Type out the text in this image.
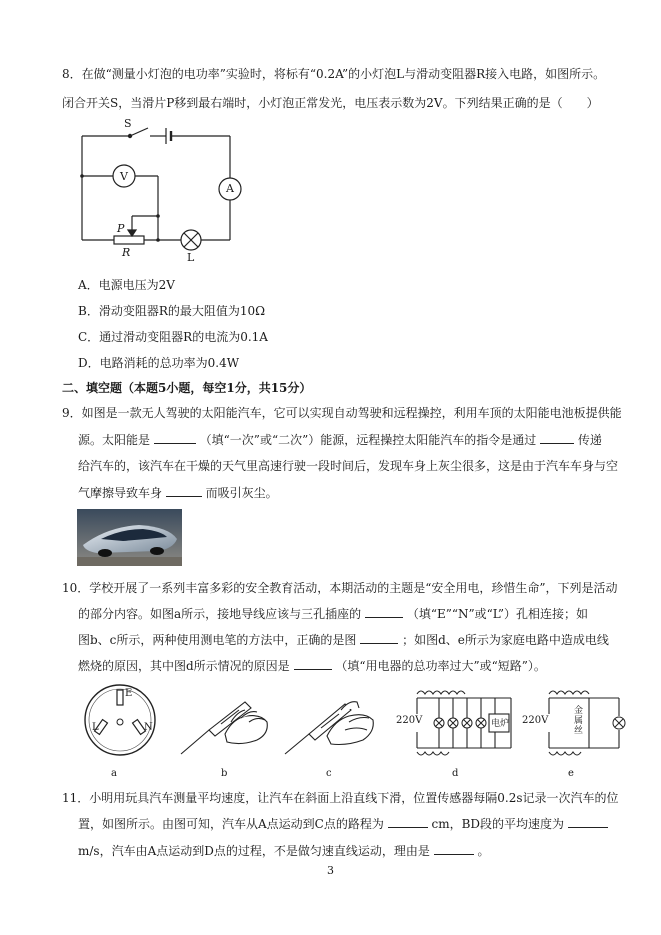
8．在做“测量小灯泡的电功率”实验时，将标有“0.2A”的小灯泡L与滑动变阻器R接入电路，如图所示。
闭合开关S，当滑片P移到最右端时，小灯泡正常发光，电压表示数为2V。下列结果正确的是（　　）
S
V
A
P
R	L
A．电源电压为2V
B．滑动变阻器R的最大阻值为10Ω
C．通过滑动变阻器R的电流为0.1A
D．电路消耗的总功率为0.4W
二、填空题（本题5小题，每空1分，共15分）
9．如图是一款无人驾驶的太阳能汽车，它可以实现自动驾驶和远程操控，利用车顶的太阳能电池板提供能
源。太阳能是	（填“一次”或“二次”）能源，远程操控太阳能汽车的指令是通过	传递
给汽车的，该汽车在干燥的天气里高速行驶一段时间后，发现车身上灰尘很多，这是由于汽车车身与空
气摩擦导致车身	而吸引灰尘。
10．学校开展了一系列丰富多彩的安全教育活动，本期活动的主题是“安全用电，珍惜生命”，下列是活动
的部分内容。如图a所示，接地导线应该与三孔插座的	（填“E”“N”或“L”）孔相连接；如
图b、c所示，两种使用测电笔的方法中，正确的是图	；如图d、e所示为家庭电路中造成电线
燃烧的原因，其中图d所示情况的原因是	（填“用电器的总功率过大”或“短路”）。
E
L	N
220V	电炉 220V
金属丝
a	b	c	d	e
11．小明用玩具汽车测量平均速度，让汽车在斜面上沿直线下滑，位置传感器每隔0.2s记录一次汽车的位
置，如图所示。由图可知，汽车从A点运动到C点的路程为	cm，BD段的平均速度为
m/s，汽车由A点运动到D点的过程，不是做匀速直线运动，理由是	。
3
